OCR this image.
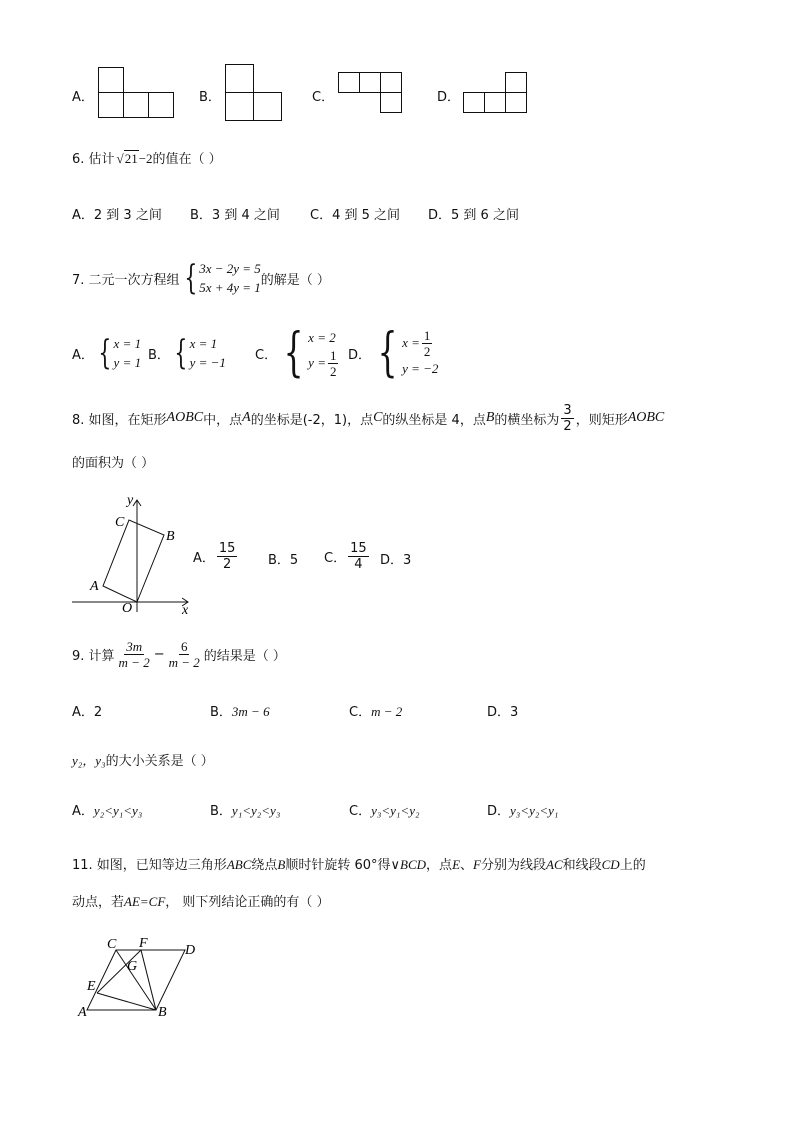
A．	B．	C．	D．
6. 估计 √21−2的值在（ ）
A．2 到 3 之间 B．3 到 4 之间 C．4 到 5 之间 D．5 到 6 之间
7. 二元一次方程组 { 3x − 2y = 5
5x + 4y = 1 的解是（ ）
A． { x = 1
y = 1 B． { x = 1
y = −1 C． { x = 2
$y = \frac{1}{2}$ D． { $x = \frac{1}{2}$
y = −2
8. 如图，在矩形 AOBC 中，点 A 的坐标是(-2，1)，点 C 的纵坐标是 4，点 B 的横坐标为 $\frac{3}{2}$ ，则矩形 AOBC
的面积为（ ）
y
x
O
A
B
C
A． $\frac{15}{2}$ B．5 C． $\frac{15}{4}$ D．3
9. 计算 $\frac{3m}{m - 2} - \frac{6}{m - 2}$ 的结果是（ ）
A．2	B．3m − 6	C．m − 2	D．3
y₂，y₃的大小关系是（ ）
A．y₂<y₁<y₃	B．y₁<y₂<y₃	C．y₃<y₁<y₂	D．y₃<y₂<y₁
11. 如图，已知等边三角形ABC绕点B顺时针旋转 60°得∨BCD，点E、F分别为线段AC和线段CD上的
动点，若AE=CF， 则下列结论正确的有（ ）
A	B
C	D
E
F
G
